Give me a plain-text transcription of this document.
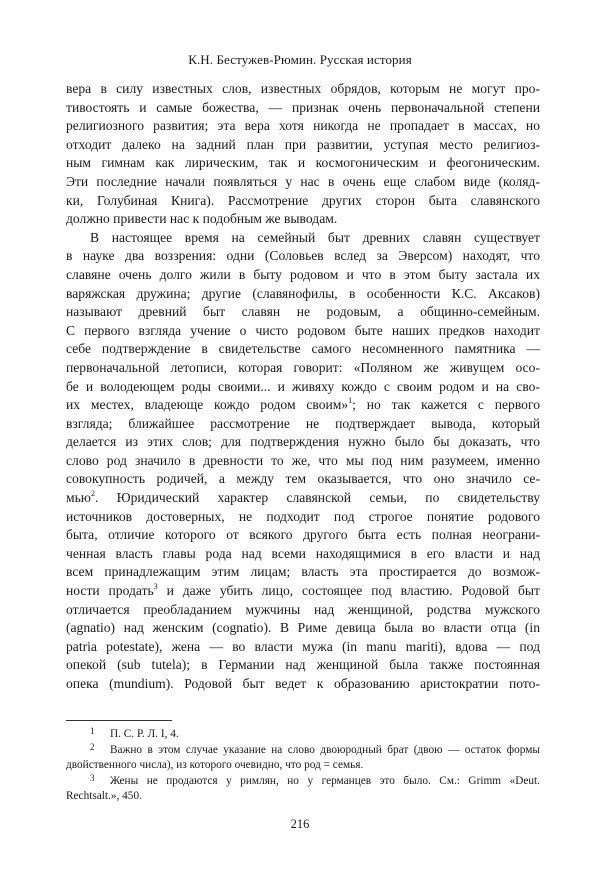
К.Н. Бестужев-Рюмин. Русская история
вера в силу известных слов, известных обрядов, которым не могут про-
тивостоять и самые божества, — признак очень первоначальной степени
религиозного развития; эта вера хотя никогда не пропадает в массах, но
отходит далеко на задний план при развитии, уступая место религиоз-
ным гимнам как лирическим, так и космогоническим и феогоническим.
Эти последние начали появляться у нас в очень еще слабом виде (коляд-
ки, Голубиная Книга). Рассмотрение других сторон быта славянского
должно привести нас к подобным же выводам.
В настоящее время на семейный быт древних славян существует
в науке два воззрения: одни (Соловьев вслед за Эверсом) находят, что
славяне очень долго жили в быту родовом и что в этом быту застала их
варяжская дружина; другие (славянофилы, в особенности К.С. Аксаков)
называют древний быт славян не родовым, а общинно-семейным.
С первого взгляда учение о чисто родовом быте наших предков находит
себе подтверждение в свидетельстве самого несомненного памятника —
первоначальной летописи, которая говорит: «Поляном же живущем осо-
бе и володеющем роды своими... и живяху кождо с своим родом и на сво-
их местех, владеюще кождо родом своим»$^1$; но так кажется с первого
взгляда; ближайшее рассмотрение не подтверждает вывода, который
делается из этих слов; для подтверждения нужно было бы доказать, что
слово род значило в древности то же, что мы под ним разумеем, именно
совокупность родичей, а между тем оказывается, что оно значило се-
мью$^2$. Юридический характер славянской семьи, по свидетельству
источников достоверных, не подходит под строгое понятие родового
быта, отличие которого от всякого другого быта есть полная неограни-
ченная власть главы рода над всеми находящимися в его власти и над
всем принадлежащим этим лицам; власть эта простирается до возмож-
ности продать$^3$ и даже убить лицо, состоящее под властию. Родовой быт
отличается преобладанием мужчины над женщиной, родства мужского
(agnatio) над женским (cognatio). В Риме девица была во власти отца (in
patria potestate), жена — во власти мужа (in manu mariti), вдова — под
опекой (sub tutela); в Германии над женщиной была также постоянная
опека (mundium). Родовой быт ведет к образованию аристократии пото-
1 П. С. Р. Л. I, 4.
2 Важно в этом случае указание на слово двоюродный брат (двою — остаток формы
двойственного числа), из которого очевидно, что род = семья.
3 Жены не продаются у римлян, но у германцев это было. См.: Grimm «Deut.
Rechtsalt.», 450.
216
